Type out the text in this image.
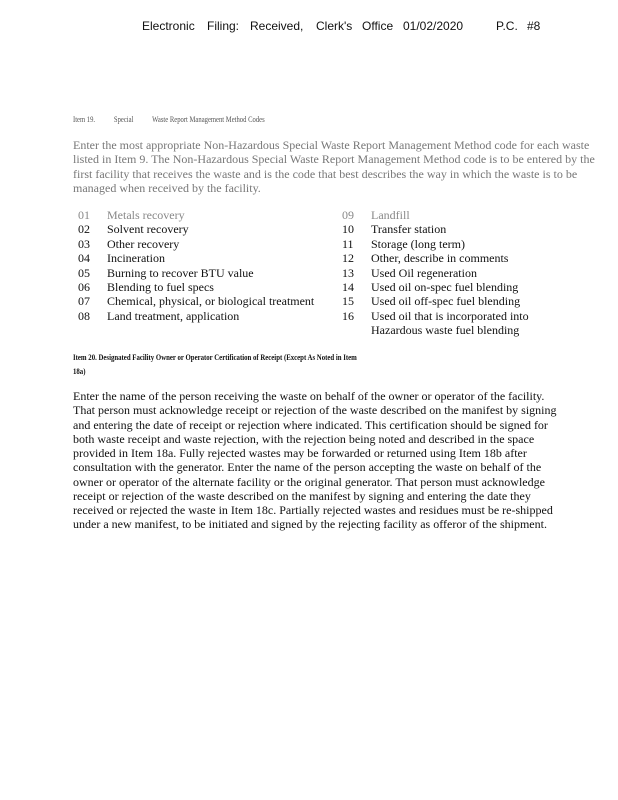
Electronic Filing: Received, Clerk's Office 01/02/2020	P.C. #8
Item 19. Special Waste Report Management Method Codes

Enter the most appropriate Non-Hazardous Special Waste Report Management Method code for each waste listed in Item 9. The Non-Hazardous Special Waste Report Management Method code is to be entered by the first facility that receives the waste and is the code that best describes the way in which the waste is to be managed when received by the facility.

01 Metals recovery
02 Solvent recovery
03 Other recovery
04 Incineration
05 Burning to recover BTU value
06 Blending to fuel specs
07 Chemical, physical, or biological treatment
08 Land treatment, application
09 Landfill
10 Transfer station
11 Storage (long term)
12 Other, describe in comments
13 Used Oil regeneration
14 Used oil on-spec fuel blending
15 Used oil off-spec fuel blending
16 Used oil that is incorporated into Hazardous waste fuel blending
Item 20. Designated Facility Owner or Operator Certification of Receipt (Except As Noted in Item 18a)

Enter the name of the person receiving the waste on behalf of the owner or operator of the facility. That person must acknowledge receipt or rejection of the waste described on the manifest by signing and entering the date of receipt or rejection where indicated. This certification should be signed for both waste receipt and waste rejection, with the rejection being noted and described in the space provided in Item 18a. Fully rejected wastes may be forwarded or returned using Item 18b after consultation with the generator. Enter the name of the person accepting the waste on behalf of the owner or operator of the alternate facility or the original generator. That person must acknowledge receipt or rejection of the waste described on the manifest by signing and entering the date they received or rejected the waste in Item 18c. Partially rejected wastes and residues must be re-shipped under a new manifest, to be initiated and signed by the rejecting facility as offeror of the shipment.
